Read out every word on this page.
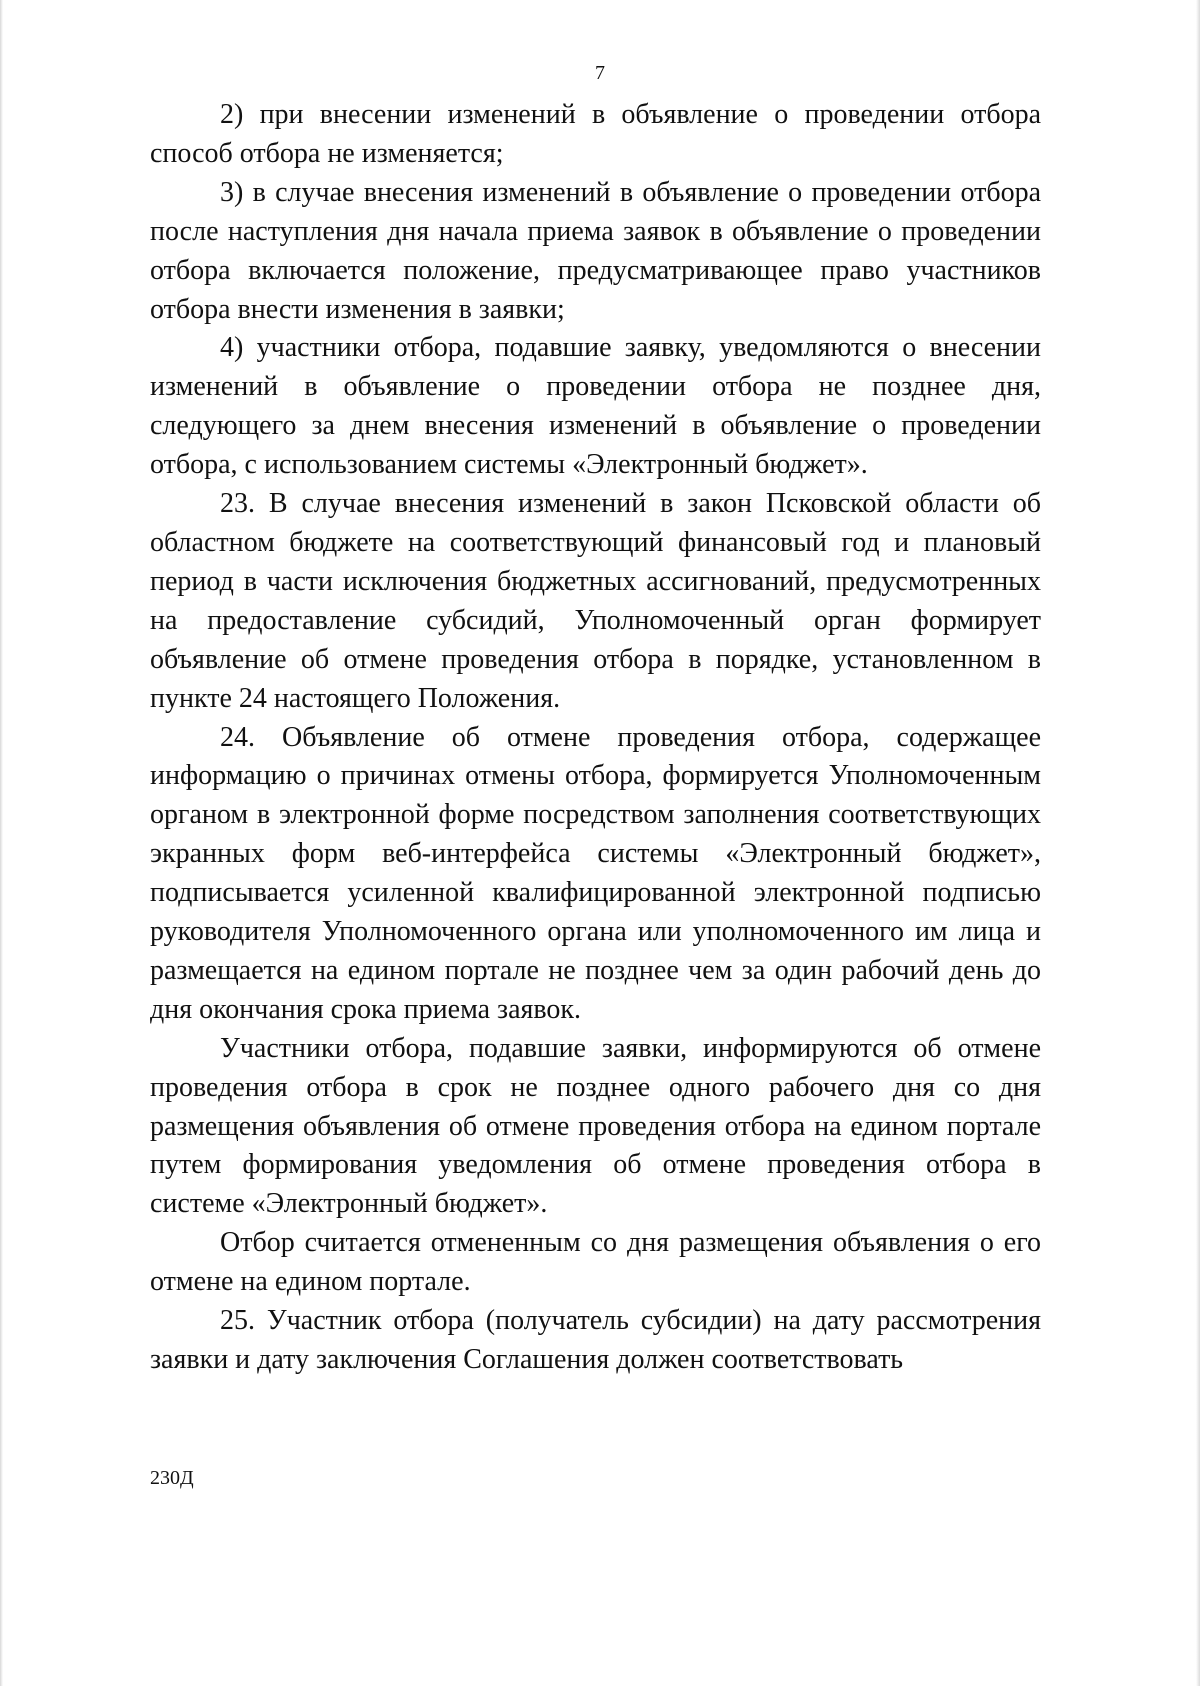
7

2) при внесении изменений в объявление о проведении отбора способ отбора не изменяется;

3) в случае внесения изменений в объявление о проведении отбора после наступления дня начала приема заявок в объявление о проведении отбора включается положение, предусматривающее право участников отбора внести изменения в заявки;

4) участники отбора, подавшие заявку, уведомляются о внесении изменений в объявление о проведении отбора не позднее дня, следующего за днем внесения изменений в объявление о проведении отбора, с использованием системы «Электронный бюджет».

23. В случае внесения изменений в закон Псковской области об областном бюджете на соответствующий финансовый год и плановый период в части исключения бюджетных ассигнований, предусмотренных на предоставление субсидий, Уполномоченный орган формирует объявление об отмене проведения отбора в порядке, установленном в пункте 24 настоящего Положения.

24. Объявление об отмене проведения отбора, содержащее информацию о причинах отмены отбора, формируется Уполномоченным органом в электронной форме посредством заполнения соответствующих экранных форм веб-интерфейса системы «Электронный бюджет», подписывается усиленной квалифицированной электронной подписью руководителя Уполномоченного органа или уполномоченного им лица и размещается на едином портале не позднее чем за один рабочий день до дня окончания срока приема заявок.

Участники отбора, подавшие заявки, информируются об отмене проведения отбора в срок не позднее одного рабочего дня со дня размещения объявления об отмене проведения отбора на едином портале путем формирования уведомления об отмене проведения отбора в системе «Электронный бюджет».

Отбор считается отмененным со дня размещения объявления о его отмене на едином портале.

25. Участник отбора (получатель субсидии) на дату рассмотрения заявки и дату заключения Соглашения должен соответствовать

230Д
